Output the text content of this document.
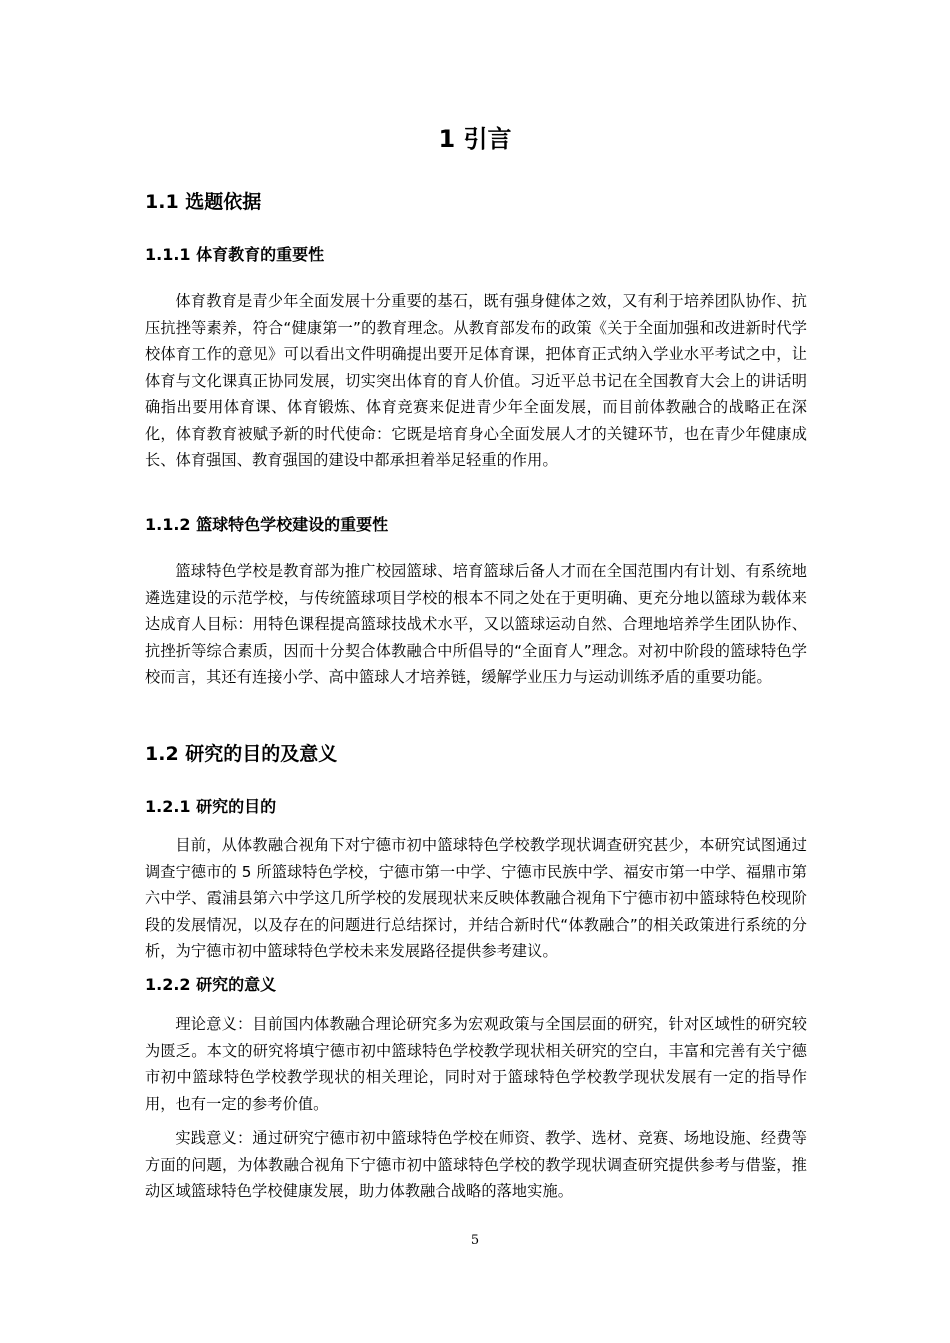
1 引言
1.1 选题依据
1.1.1 体育教育的重要性
体育教育是青少年全面发展十分重要的基石，既有强身健体之效，又有利于培养团队协作、抗压抗挫等素养，符合“健康第一”的教育理念。从教育部发布的政策《关于全面加强和改进新时代学校体育工作的意见》可以看出文件明确提出要开足体育课，把体育正式纳入学业水平考试之中，让体育与文化课真正协同发展，切实突出体育的育人价值。习近平总书记在全国教育大会上的讲话明确指出要用体育课、体育锻炼、体育竞赛来促进青少年全面发展，而目前体教融合的战略正在深化，体育教育被赋予新的时代使命：它既是培育身心全面发展人才的关键环节，也在青少年健康成长、体育强国、教育强国的建设中都承担着举足轻重的作用。
1.1.2 篮球特色学校建设的重要性
篮球特色学校是教育部为推广校园篮球、培育篮球后备人才而在全国范围内有计划、有系统地遴选建设的示范学校，与传统篮球项目学校的根本不同之处在于更明确、更充分地以篮球为载体来达成育人目标：用特色课程提高篮球技战术水平，又以篮球运动自然、合理地培养学生团队协作、抗挫折等综合素质，因而十分契合体教融合中所倡导的“全面育人”理念。对初中阶段的篮球特色学校而言，其还有连接小学、高中篮球人才培养链，缓解学业压力与运动训练矛盾的重要功能。
1.2 研究的目的及意义
1.2.1 研究的目的
目前，从体教融合视角下对宁德市初中篮球特色学校教学现状调查研究甚少，本研究试图通过调查宁德市的 5 所篮球特色学校，宁德市第一中学、宁德市民族中学、福安市第一中学、福鼎市第六中学、霞浦县第六中学这几所学校的发展现状来反映体教融合视角下宁德市初中篮球特色校现阶段的发展情况，以及存在的问题进行总结探讨，并结合新时代“体教融合”的相关政策进行系统的分析，为宁德市初中篮球特色学校未来发展路径提供参考建议。
1.2.2 研究的意义
理论意义：目前国内体教融合理论研究多为宏观政策与全国层面的研究，针对区域性的研究较为匮乏。本文的研究将填宁德市初中篮球特色学校教学现状相关研究的空白，丰富和完善有关宁德市初中篮球特色学校教学现状的相关理论，同时对于篮球特色学校教学现状发展有一定的指导作用，也有一定的参考价值。
实践意义：通过研究宁德市初中篮球特色学校在师资、教学、选材、竞赛、场地设施、经费等方面的问题，为体教融合视角下宁德市初中篮球特色学校的教学现状调查研究提供参考与借鉴，推动区域篮球特色学校健康发展，助力体教融合战略的落地实施。
5
